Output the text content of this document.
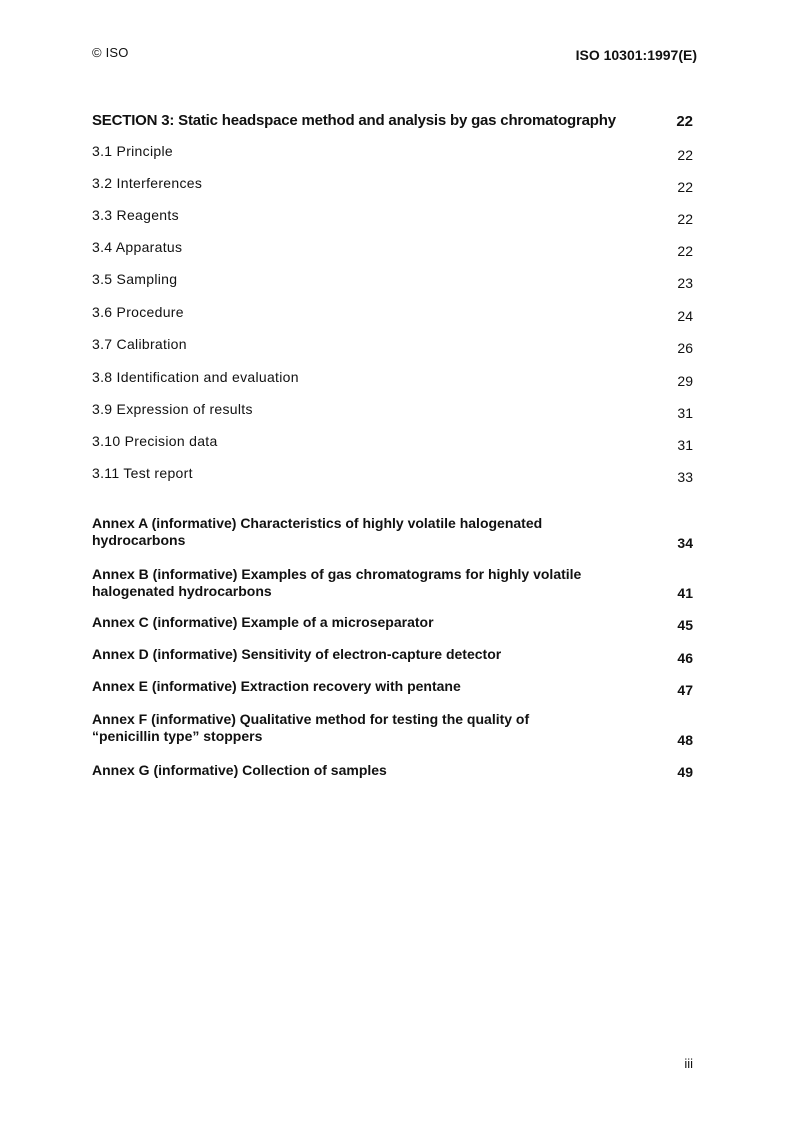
© ISO	ISO 10301:1997(E)
SECTION 3: Static headspace method and analysis by gas chromatography	22
3.1 Principle	22
3.2 Interferences	22
3.3 Reagents	22
3.4 Apparatus	22
3.5 Sampling	23
3.6 Procedure	24
3.7 Calibration	26
3.8 Identification and evaluation	29
3.9 Expression of results	31
3.10 Precision data	31
3.11 Test report	33
Annex A (informative) Characteristics of highly volatile halogenated
hydrocarbons	34
Annex B (informative) Examples of gas chromatograms for highly volatile
halogenated hydrocarbons	41
Annex C (informative) Example of a microseparator	45
Annex D (informative) Sensitivity of electron-capture detector	46
Annex E (informative) Extraction recovery with pentane	47
Annex F (informative) Qualitative method for testing the quality of
“penicillin type” stoppers	48
Annex G (informative) Collection of samples	49
iii
